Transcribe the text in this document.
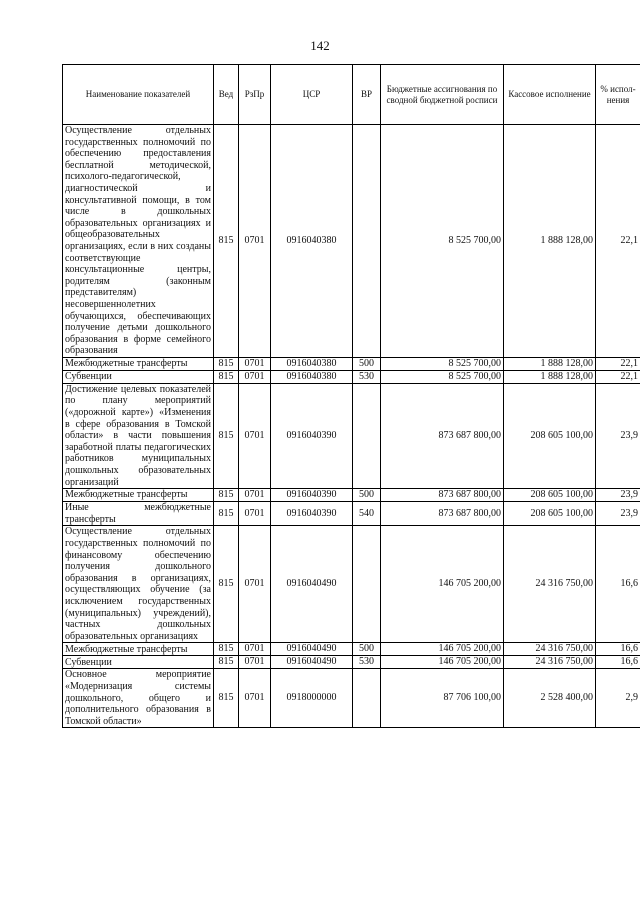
142
Наименование показателей	Вед	РзПр	ЦСР	ВР	Бюджетные ассигнования по сводной бюджетной росписи	Кассовое исполнение	% испол-нения
Осуществление отдельных государственных полномочий по обеспечению предоставления бесплатной методической, психолого-педагогической, диагностической и консультативной помощи, в том числе в дошкольных образовательных организациях и общеобразовательных организациях, если в них созданы соответствующие консультационные центры, родителям (законным представителям) несовершеннолетних обучающихся, обеспечивающих получение детьми дошкольного образования в форме семейного образования	815	0701	0916040380		8 525 700,00	1 888 128,00	22,1
Межбюджетные трансферты	815	0701	0916040380	500	8 525 700,00	1 888 128,00	22,1
Субвенции	815	0701	0916040380	530	8 525 700,00	1 888 128,00	22,1
Достижение целевых показателей по плану мероприятий («дорожной карте») «Изменения в сфере образования в Томской области» в части повышения заработной платы педагогических работников муниципальных дошкольных образовательных организаций	815	0701	0916040390		873 687 800,00	208 605 100,00	23,9
Межбюджетные трансферты	815	0701	0916040390	500	873 687 800,00	208 605 100,00	23,9
Иные межбюджетные трансферты	815	0701	0916040390	540	873 687 800,00	208 605 100,00	23,9
Осуществление отдельных государственных полномочий по финансовому обеспечению получения дошкольного образования в организациях, осуществляющих обучение (за исключением государственных (муниципальных) учреждений), частных дошкольных образовательных организациях	815	0701	0916040490		146 705 200,00	24 316 750,00	16,6
Межбюджетные трансферты	815	0701	0916040490	500	146 705 200,00	24 316 750,00	16,6
Субвенции	815	0701	0916040490	530	146 705 200,00	24 316 750,00	16,6
Основное мероприятие «Модернизация системы дошкольного, общего и дополнительного образования в Томской области»	815	0701	0918000000		87 706 100,00	2 528 400,00	2,9
